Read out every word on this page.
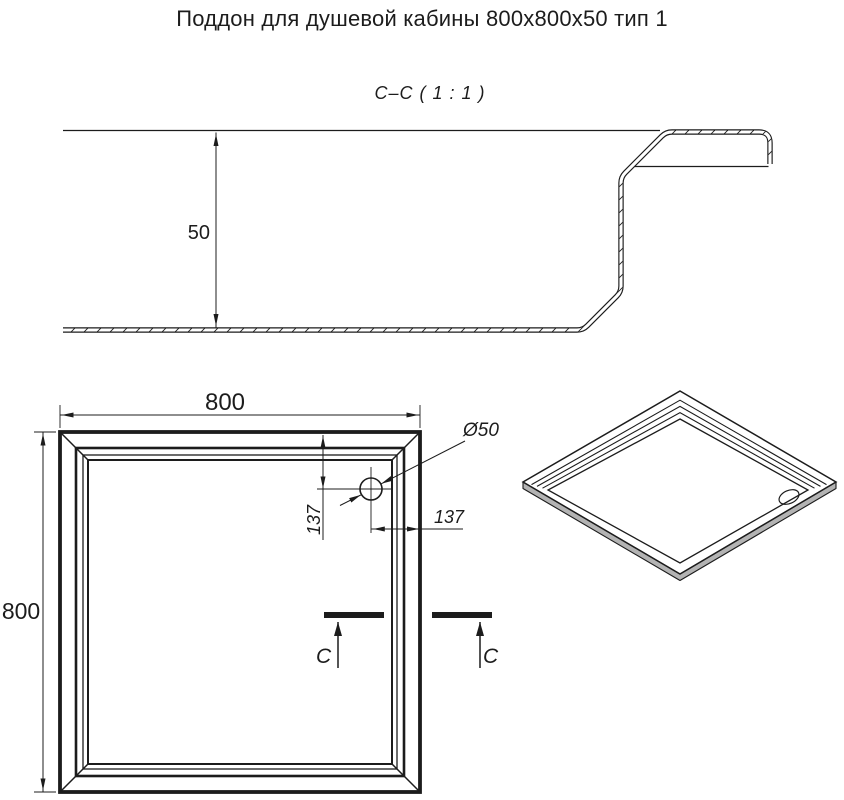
Поддон для душевой кабины 800х800х50 тип 1
C–C ( 1 : 1 )
50
800
800
Ø50
137
137
C	C
